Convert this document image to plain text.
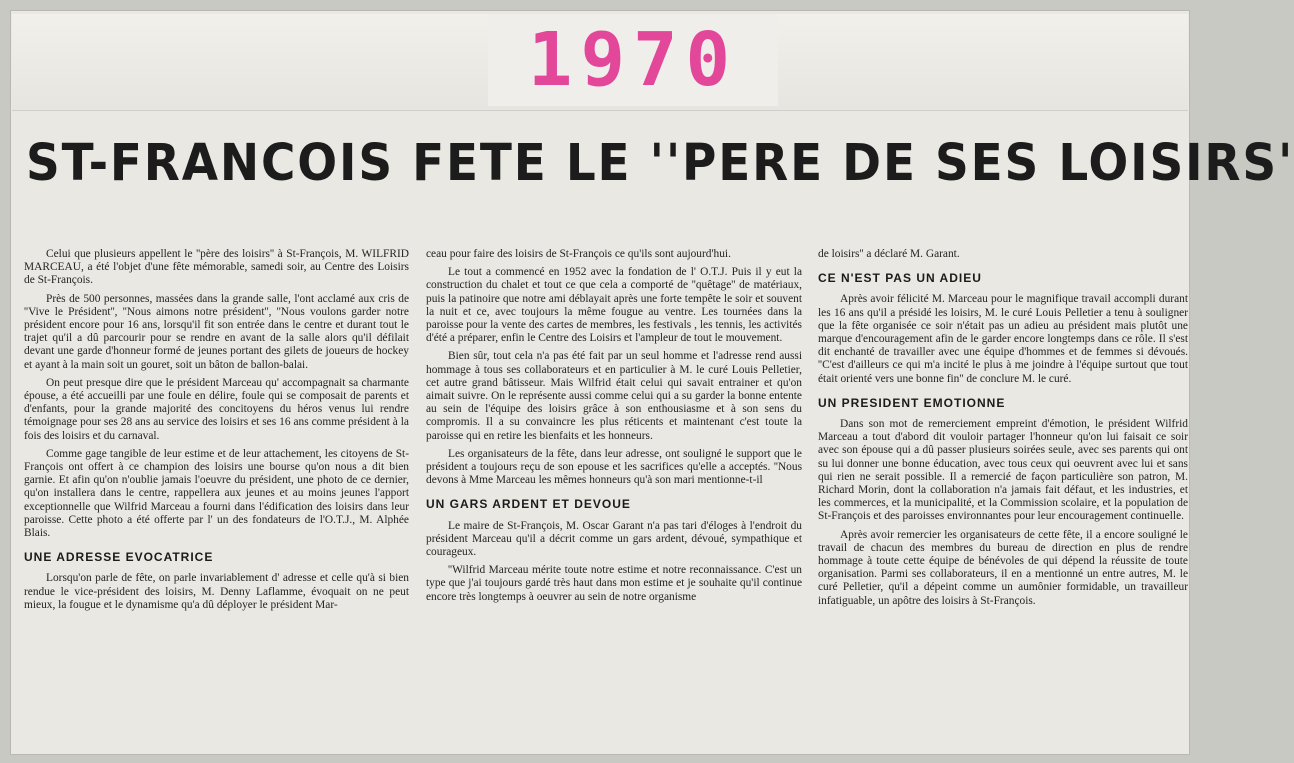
1970
ST-FRANCOIS FETE LE ''PERE DE SES LOISIRS'

Celui que plusieurs appellent le ''père des loisirs'' à St-François, M. WILFRID MARCEAU, a été l'objet d'une fête mémorable, samedi soir, au Centre des Loisirs de St-François.

Près de 500 personnes, massées dans la grande salle, l'ont acclamé aux cris de ''Vive le Président'', ''Nous aimons notre président'', ''Nous voulons garder notre président encore pour 16 ans, lorsqu'il fit son entrée dans le centre et durant tout le trajet qu'il a dû parcourir pour se rendre en avant de la salle alors qu'il défilait devant une garde d'honneur formé de jeunes portant des gilets de joueurs de hockey et ayant à la main soit un gouret, soit un bâton de ballon-balai.

On peut presque dire que le président Marceau qu' accompagnait sa charmante épouse, a été accueilli par une foule en délire, foule qui se composait de parents et d'enfants, pour la grande majorité des concitoyens du héros venus lui rendre témoignage pour ses 28 ans au service des loisirs et ses 16 ans comme président à la fois des loisirs et du carnaval.

Comme gage tangible de leur estime et de leur attachement, les citoyens de St-François ont offert à ce champion des loisirs une bourse qu'on nous a dit bien garnie. Et afin qu'on n'oublie jamais l'oeuvre du président, une photo de ce dernier, qu'on installera dans le centre, rappellera aux jeunes et au moins jeunes l'apport exceptionnelle que Wilfrid Marceau a fourni dans l'édification des loisirs dans leur paroisse. Cette photo a été offerte par l' un des fondateurs de l'O.T.J., M. Alphée Blais.

UNE ADRESSE EVOCATRICE

Lorsqu'on parle de fête, on parle invariablement d' adresse et celle qu'à si bien rendue le vice-président des loisirs, M. Denny Laflamme, évoquait on ne peut mieux, la fougue et le dynamisme qu'a dû déployer le président Mar-

ceau pour faire des loisirs de St-François ce qu'ils sont aujourd'hui.

Le tout a commencé en 1952 avec la fondation de l' O.T.J. Puis il y eut la construction du chalet et tout ce que cela a comporté de ''quêtage'' de matériaux, puis la patinoire que notre ami déblayait après une forte tempête le soir et souvent la nuit et ce, avec toujours la même fougue au ventre. Les tournées dans la paroisse pour la vente des cartes de membres, les festivals , les tennis, les activités d'été a préparer, enfin le Centre des Loisirs et l'ampleur de tout le mouvement.

Bien sûr, tout cela n'a pas été fait par un seul homme et l'adresse rend aussi hommage à tous ses collaborateurs et en particulier à M. le curé Louis Pelletier, cet autre grand bâtisseur. Mais Wilfrid était celui qui savait entrainer et qu'on aimait suivre. On le représente aussi comme celui qui a su garder la bonne entente au sein de l'équipe des loisirs grâce à son enthousiasme et à son sens du compromis. Il a su convaincre les plus réticents et maintenant c'est toute la paroisse qui en retire les bienfaits et les honneurs.

Les organisateurs de la fête, dans leur adresse, ont souligné le support que le président a toujours reçu de son epouse et les sacrifices qu'elle a acceptés. ''Nous devons à Mme Marceau les mêmes honneurs qu'à son mari mentionne-t-il

UN GARS ARDENT ET DEVOUE

Le maire de St-François, M. Oscar Garant n'a pas tari d'éloges à l'endroit du président Marceau qu'il a décrit comme un gars ardent, dévoué, sympathique et courageux.

''Wilfrid Marceau mérite toute notre estime et notre reconnaissance. C'est un type que j'ai toujours gardé très haut dans mon estime et je souhaite qu'il continue encore très longtemps à oeuvrer au sein de notre organisme

de loisirs'' a déclaré M. Garant.

CE N'EST PAS UN ADIEU

Après avoir félicité M. Marceau pour le magnifique travail accompli durant les 16 ans qu'il a présidé les loisirs, M. le curé Louis Pelletier a tenu à souligner que la fête organisée ce soir n'était pas un adieu au président mais plutôt une marque d'encouragement afin de le garder encore longtemps dans ce rôle. Il s'est dit enchanté de travailler avec une équipe d'hommes et de femmes si dévoués. ''C'est d'ailleurs ce qui m'a incité le plus à me joindre à l'équipe surtout que tout était orienté vers une bonne fin'' de conclure M. le curé.

UN PRESIDENT EMOTIONNE

Dans son mot de remerciement empreint d'émotion, le président Wilfrid Marceau a tout d'abord dit vouloir partager l'honneur qu'on lui faisait ce soir avec son épouse qui a dû passer plusieurs soirées seule, avec ses parents qui ont su lui donner une bonne éducation, avec tous ceux qui oeuvrent avec lui et sans qui rien ne serait possible. Il a remercié de façon particulière son patron, M. Richard Morin, dont la collaboration n'a jamais fait défaut, et les industries, et les commerces, et la municipalité, et la Commission scolaire, et la population de St-François et des paroisses environnantes pour leur encouragement continuelle.

Après avoir remercier les organisateurs de cette fête, il a encore souligné le travail de chacun des membres du bureau de direction en plus de rendre hommage à toute cette équipe de bénévoles de qui dépend la réussite de toute organisation. Parmi ses collaborateurs, il en a mentionné un entre autres, M. le curé Pelletier, qu'il a dépeint comme un aumônier formidable, un travailleur infatiguable, un apôtre des loisirs à St-François.
